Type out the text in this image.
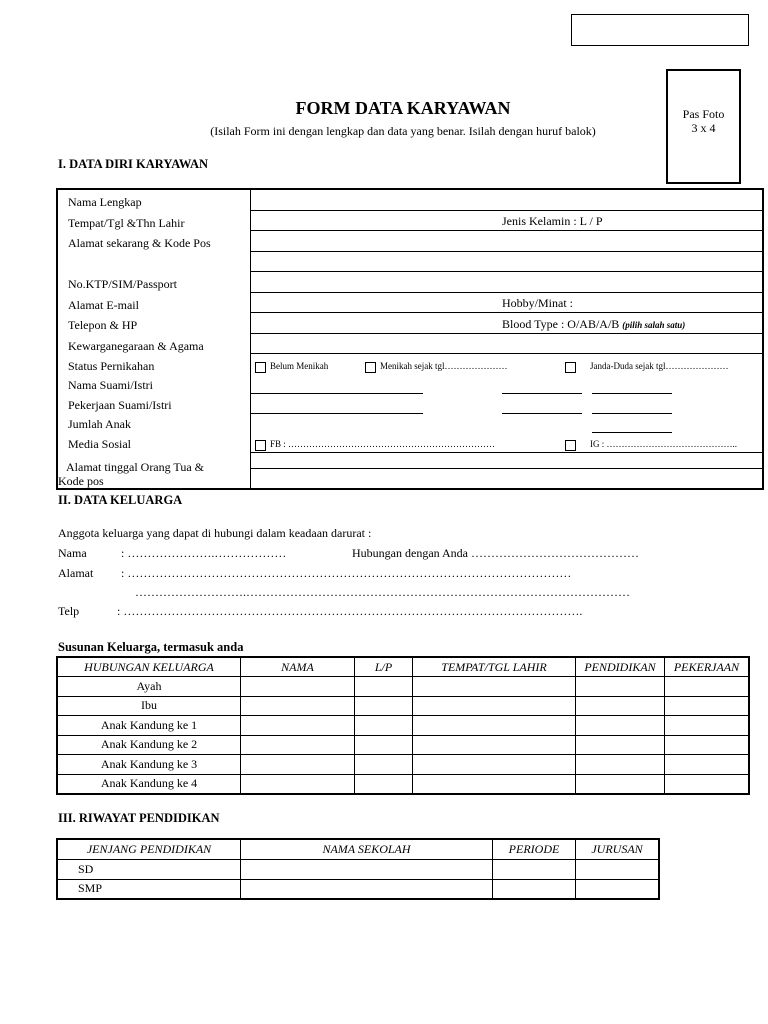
Pas Foto
3 x 4
FORM DATA KARYAWAN
(Isilah Form ini dengan lengkap dan data yang benar. Isilah dengan huruf balok)
I. DATA DIRI KARYAWAN
Nama Lengkap	
Tempat/Tgl &Thn Lahir	Jenis Kelamin : L / P

Alamat sekarang & Kode Pos	

No.KTP/SIM/Passport	
Alamat E-mail	Hobby/Minat :

Telepon & HP	Blood Type : O/AB/A/B (pilih salah satu)

Kewarganegaraan & Agama	
Status Pernikahan	Belum Menikah Menikah sejak tgl………………… Janda-Duda sejak tgl…………………

Nama Suami/Istri	

Pekerjaan Suami/Istri	

Jumlah Anak	

Media Sosial	FB : …………………………………………………………… IG : ……………………………………..

Alamat tinggal Orang Tua &
Kode pos	

II. DATA KELUARGA
Anggota keluarga yang dapat di hubungi dalam keadaan darurat :
Nama	: ………………….………………	Hubungan dengan Anda ……………………………………
Alamat : …………………………………………………………………………………………………
……………………….……………………………………………………………………………………
Telp	: …………………………………………………………………………………………………….
Susunan Keluarga, termasuk anda
HUBUNGAN KELUARGA	NAMA	L/P	TEMPAT/TGL LAHIR	PENDIDIKAN	PEKERJAAN
Ayah					
Ibu					
Anak Kandung ke 1					
Anak Kandung ke 2					
Anak Kandung ke 3					
Anak Kandung ke 4					
III. RIWAYAT PENDIDIKAN
JENJANG PENDIDIKAN	NAMA SEKOLAH	PERIODE	JURUSAN
SD			
SMP			
